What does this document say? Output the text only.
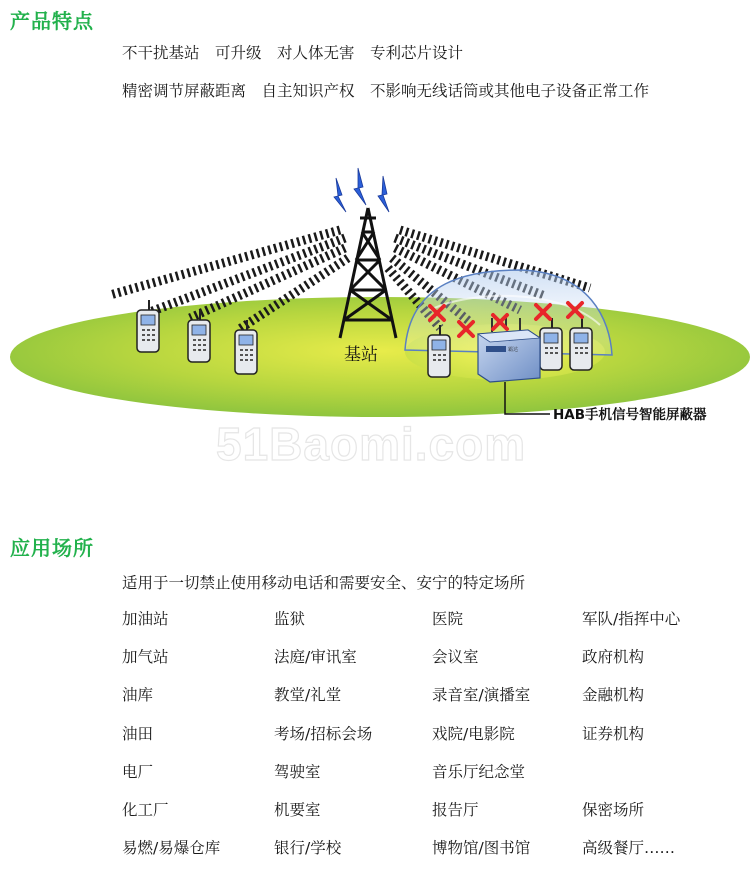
产品特点
不干扰基站　可升级　对人体无害　专利芯片设计
精密调节屏蔽距离　自主知识产权　不影响无线话筒或其他电子设备正常工作
霸达
基站
HAB手机信号智能屏蔽器
51Baomi.com
应用场所
适用于一切禁止使用移动电话和需要安全、安宁的特定场所
加油站	监狱	医院	军队/指挥中心
加气站	法庭/审讯室	会议室	政府机构
油库	教堂/礼堂	录音室/演播室	金融机构
油田	考场/招标会场	戏院/电影院	证券机构
电厂	驾驶室	音乐厅纪念堂
化工厂	机要室	报告厅	保密场所
易燃/易爆仓库	银行/学校	博物馆/图书馆	高级餐厅……
